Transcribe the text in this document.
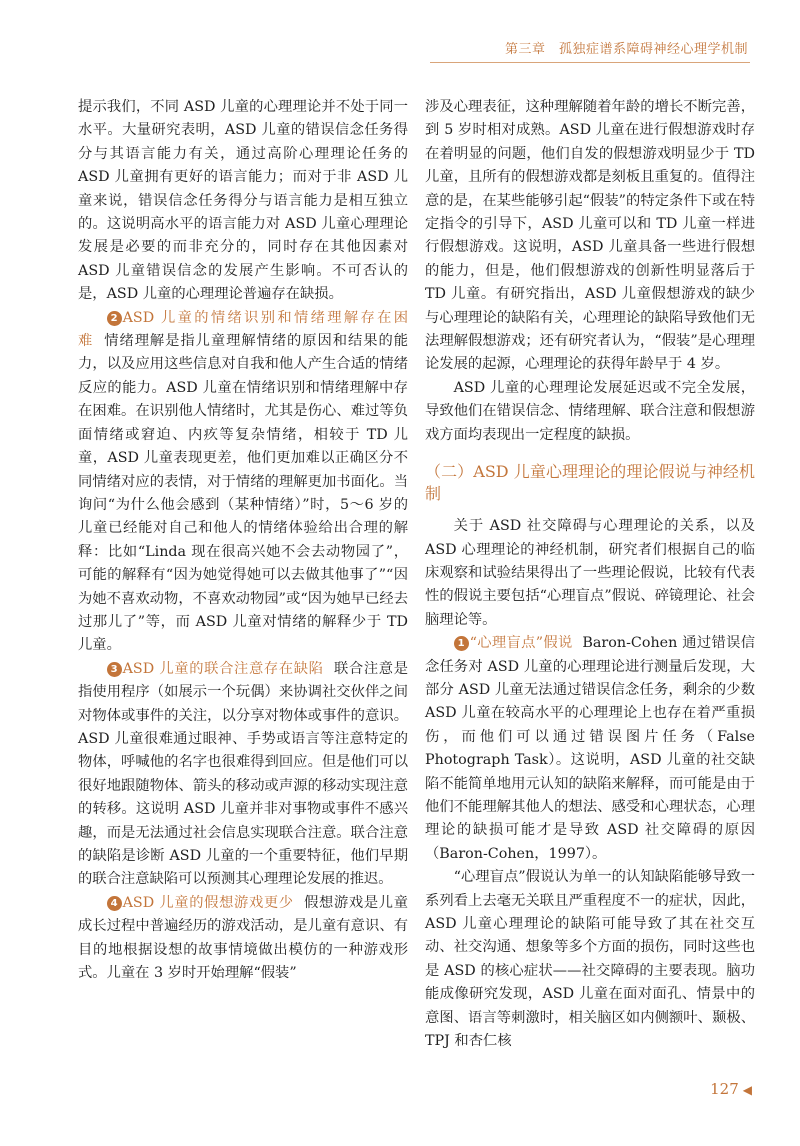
第三章　孤独症谱系障碍神经心理学机制

提示我们，不同 ASD 儿童的心理理论并不处于同一水平。大量研究表明，ASD 儿童的错误信念任务得分与其语言能力有关，通过高阶心理理论任务的 ASD 儿童拥有更好的语言能力；而对于非 ASD 儿童来说，错误信念任务得分与语言能力是相互独立的。这说明高水平的语言能力对 ASD 儿童心理理论发展是必要的而非充分的，同时存在其他因素对 ASD 儿童错误信念的发展产生影响。不可否认的是，ASD 儿童的心理理论普遍存在缺损。

2 ASD 儿童的情绪识别和情绪理解存在困难 情绪理解是指儿童理解情绪的原因和结果的能力，以及应用这些信息对自我和他人产生合适的情绪反应的能力。ASD 儿童在情绪识别和情绪理解中存在困难。在识别他人情绪时，尤其是伤心、难过等负面情绪或窘迫、内疚等复杂情绪，相较于 TD 儿童，ASD 儿童表现更差，他们更加难以正确区分不同情绪对应的表情，对于情绪的理解更加书面化。当询问“为什么他会感到（某种情绪）”时，5～6 岁的儿童已经能对自己和他人的情绪体验给出合理的解释：比如“Linda 现在很高兴她不会去动物园了”，可能的解释有“因为她觉得她可以去做其他事了”“因为她不喜欢动物，不喜欢动物园”或“因为她早已经去过那儿了”等，而 ASD 儿童对情绪的解释少于 TD 儿童。

3 ASD 儿童的联合注意存在缺陷 联合注意是指使用程序（如展示一个玩偶）来协调社交伙伴之间对物体或事件的关注，以分享对物体或事件的意识。ASD 儿童很难通过眼神、手势或语言等注意特定的物体，呼喊他的名字也很难得到回应。但是他们可以很好地跟随物体、箭头的移动或声源的移动实现注意的转移。这说明 ASD 儿童并非对事物或事件不感兴趣，而是无法通过社会信息实现联合注意。联合注意的缺陷是诊断 ASD 儿童的一个重要特征，他们早期的联合注意缺陷可以预测其心理理论发展的推迟。

4 ASD 儿童的假想游戏更少 假想游戏是儿童成长过程中普遍经历的游戏活动，是儿童有意识、有目的地根据设想的故事情境做出模仿的一种游戏形式。儿童在 3 岁时开始理解“假装”

涉及心理表征，这种理解随着年龄的增长不断完善，到 5 岁时相对成熟。ASD 儿童在进行假想游戏时存在着明显的问题，他们自发的假想游戏明显少于 TD 儿童，且所有的假想游戏都是刻板且重复的。值得注意的是，在某些能够引起“假装”的特定条件下或在特定指令的引导下，ASD 儿童可以和 TD 儿童一样进行假想游戏。这说明，ASD 儿童具备一些进行假想的能力，但是，他们假想游戏的创新性明显落后于 TD 儿童。有研究指出，ASD 儿童假想游戏的缺少与心理理论的缺陷有关，心理理论的缺陷导致他们无法理解假想游戏；还有研究者认为，“假装”是心理理论发展的起源，心理理论的获得年龄早于 4 岁。

ASD 儿童的心理理论发展延迟或不完全发展，导致他们在错误信念、情绪理解、联合注意和假想游戏方面均表现出一定程度的缺损。

（二）ASD 儿童心理理论的理论假说与神经机制

关于 ASD 社交障碍与心理理论的关系，以及 ASD 心理理论的神经机制，研究者们根据自己的临床观察和试验结果得出了一些理论假说，比较有代表性的假说主要包括“心理盲点”假说、碎镜理论、社会脑理论等。

1 “心理盲点”假说 Baron-Cohen 通过错误信念任务对 ASD 儿童的心理理论进行测量后发现，大部分 ASD 儿童无法通过错误信念任务，剩余的少数 ASD 儿童在较高水平的心理理论上也存在着严重损伤，而他们可以通过错误图片任务（False Photograph Task）。这说明，ASD 儿童的社交缺陷不能简单地用元认知的缺陷来解释，而可能是由于他们不能理解其他人的想法、感受和心理状态，心理理论的缺损可能才是导致 ASD 社交障碍的原因（Baron-Cohen，1997）。

“心理盲点”假说认为单一的认知缺陷能够导致一系列看上去毫无关联且严重程度不一的症状，因此，ASD 儿童心理理论的缺陷可能导致了其在社交互动、社交沟通、想象等多个方面的损伤，同时这些也是 ASD 的核心症状——社交障碍的主要表现。脑功能成像研究发现，ASD 儿童在面对面孔、情景中的意图、语言等刺激时，相关脑区如内侧额叶、颞极、TPJ 和杏仁核

127 ◀
